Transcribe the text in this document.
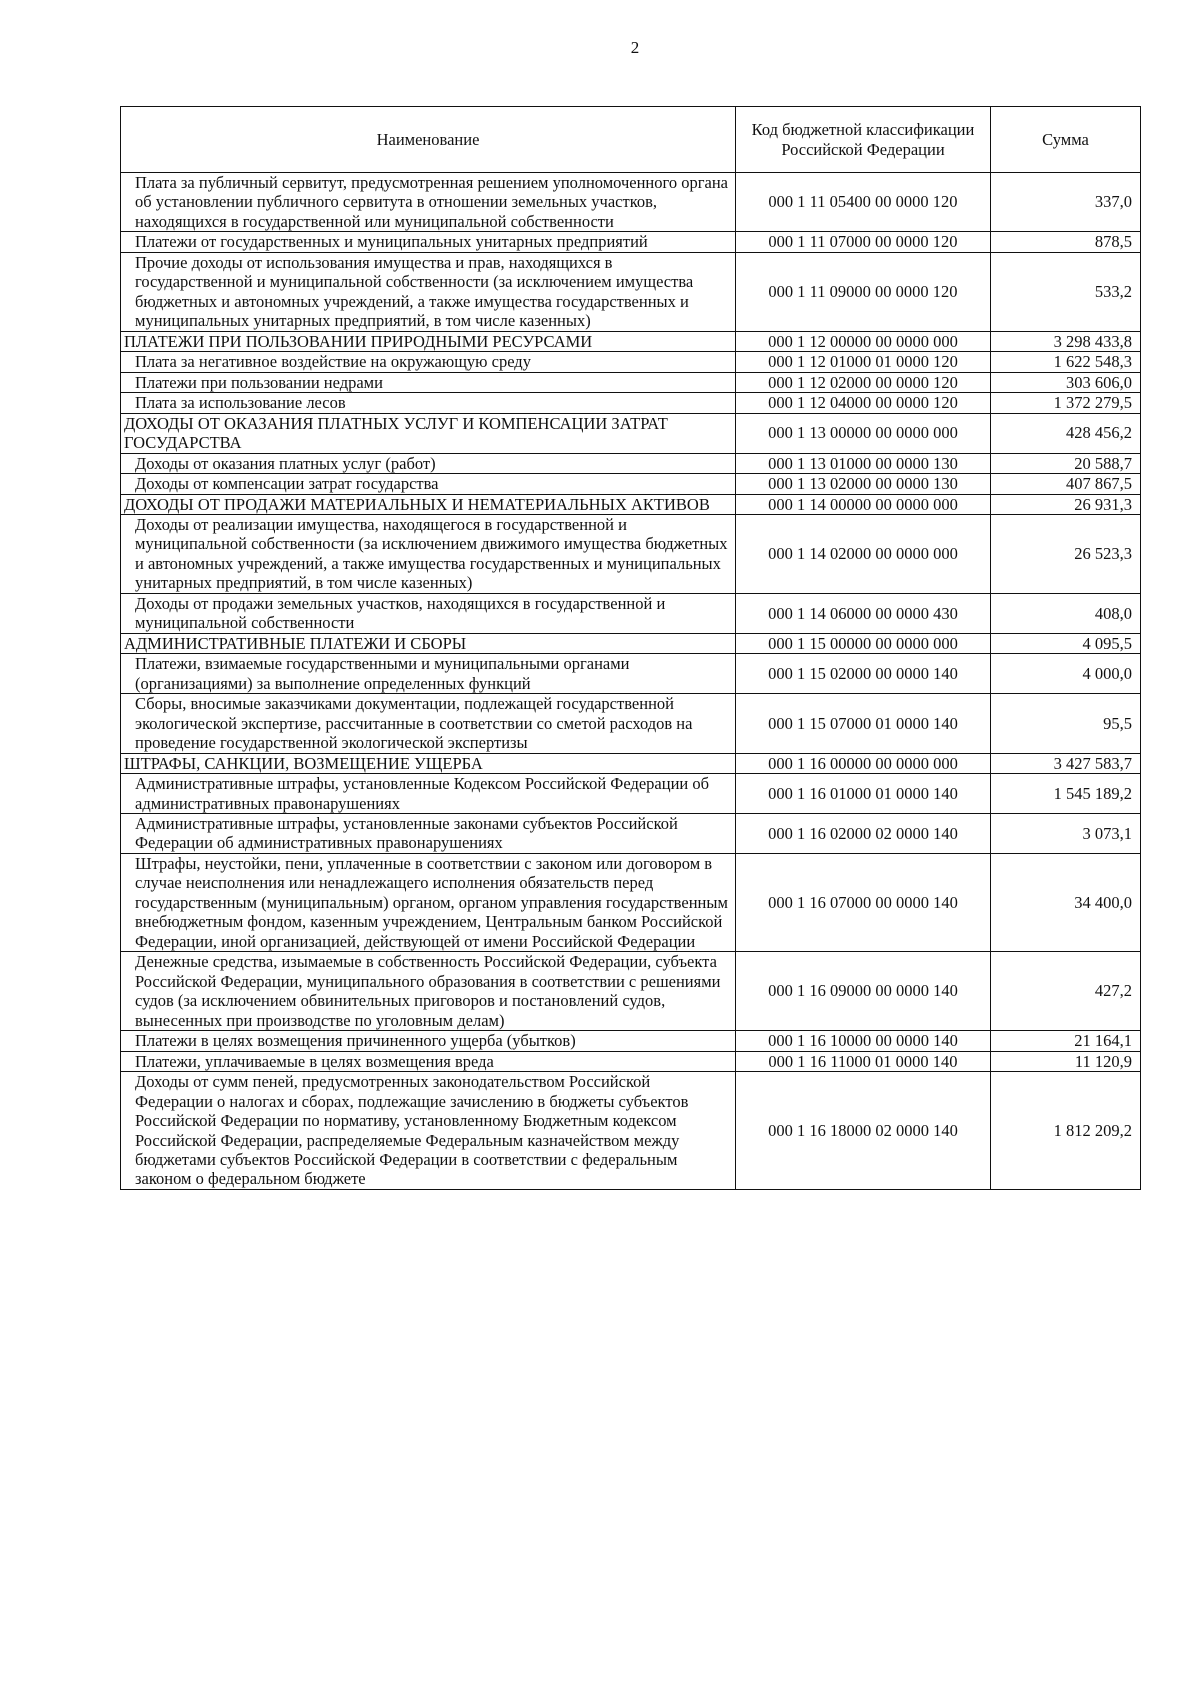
2
Наименование	Код бюджетной классификации Российской Федерации	Сумма
Плата за публичный сервитут, предусмотренная решением уполномоченного органа об установлении публичного сервитута в отношении земельных участков, находящихся в государственной или муниципальной собственности	000 1 11 05400 00 0000 120	337,0
Платежи от государственных и муниципальных унитарных предприятий	000 1 11 07000 00 0000 120	878,5
Прочие доходы от использования имущества и прав, находящихся в государственной и муниципальной собственности (за исключением имущества бюджетных и автономных учреждений, а также имущества государственных и муниципальных унитарных предприятий, в том числе казенных)	000 1 11 09000 00 0000 120	533,2
ПЛАТЕЖИ ПРИ ПОЛЬЗОВАНИИ ПРИРОДНЫМИ РЕСУРСАМИ	000 1 12 00000 00 0000 000	3 298 433,8
Плата за негативное воздействие на окружающую среду	000 1 12 01000 01 0000 120	1 622 548,3
Платежи при пользовании недрами	000 1 12 02000 00 0000 120	303 606,0
Плата за использование лесов	000 1 12 04000 00 0000 120	1 372 279,5
ДОХОДЫ ОТ ОКАЗАНИЯ ПЛАТНЫХ УСЛУГ И КОМПЕНСАЦИИ ЗАТРАТ ГОСУДАРСТВА	000 1 13 00000 00 0000 000	428 456,2
Доходы от оказания платных услуг (работ)	000 1 13 01000 00 0000 130	20 588,7
Доходы от компенсации затрат государства	000 1 13 02000 00 0000 130	407 867,5
ДОХОДЫ ОТ ПРОДАЖИ МАТЕРИАЛЬНЫХ И НЕМАТЕРИАЛЬНЫХ АКТИВОВ	000 1 14 00000 00 0000 000	26 931,3
Доходы от реализации имущества, находящегося в государственной и муниципальной собственности (за исключением движимого имущества бюджетных и автономных учреждений, а также имущества государственных и муниципальных унитарных предприятий, в том числе казенных)	000 1 14 02000 00 0000 000	26 523,3
Доходы от продажи земельных участков, находящихся в государственной и муниципальной собственности	000 1 14 06000 00 0000 430	408,0
АДМИНИСТРАТИВНЫЕ ПЛАТЕЖИ И СБОРЫ	000 1 15 00000 00 0000 000	4 095,5
Платежи, взимаемые государственными и муниципальными органами (организациями) за выполнение определенных функций	000 1 15 02000 00 0000 140	4 000,0
Сборы, вносимые заказчиками документации, подлежащей государственной экологической экспертизе, рассчитанные в соответствии со сметой расходов на проведение государственной экологической экспертизы	000 1 15 07000 01 0000 140	95,5
ШТРАФЫ, САНКЦИИ, ВОЗМЕЩЕНИЕ УЩЕРБА	000 1 16 00000 00 0000 000	3 427 583,7
Административные штрафы, установленные Кодексом Российской Федерации об административных правонарушениях	000 1 16 01000 01 0000 140	1 545 189,2
Административные штрафы, установленные законами субъектов Российской Федерации об административных правонарушениях	000 1 16 02000 02 0000 140	3 073,1
Штрафы, неустойки, пени, уплаченные в соответствии с законом или договором в случае неисполнения или ненадлежащего исполнения обязательств перед государственным (муниципальным) органом, органом управления государственным внебюджетным фондом, казенным учреждением, Центральным банком Российской Федерации, иной организацией, действующей от имени Российской Федерации	000 1 16 07000 00 0000 140	34 400,0
Денежные средства, изымаемые в собственность Российской Федерации, субъекта Российской Федерации, муниципального образования в соответствии с решениями судов (за исключением обвинительных приговоров и постановлений судов, вынесенных при производстве по уголовным делам)	000 1 16 09000 00 0000 140	427,2
Платежи в целях возмещения причиненного ущерба (убытков)	000 1 16 10000 00 0000 140	21 164,1
Платежи, уплачиваемые в целях возмещения вреда	000 1 16 11000 01 0000 140	11 120,9
Доходы от сумм пеней, предусмотренных законодательством Российской Федерации о налогах и сборах, подлежащие зачислению в бюджеты субъектов Российской Федерации по нормативу, установленному Бюджетным кодексом Российской Федерации, распределяемые Федеральным казначейством между бюджетами субъектов Российской Федерации в соответствии с федеральным законом о федеральном бюджете	000 1 16 18000 02 0000 140	1 812 209,2
